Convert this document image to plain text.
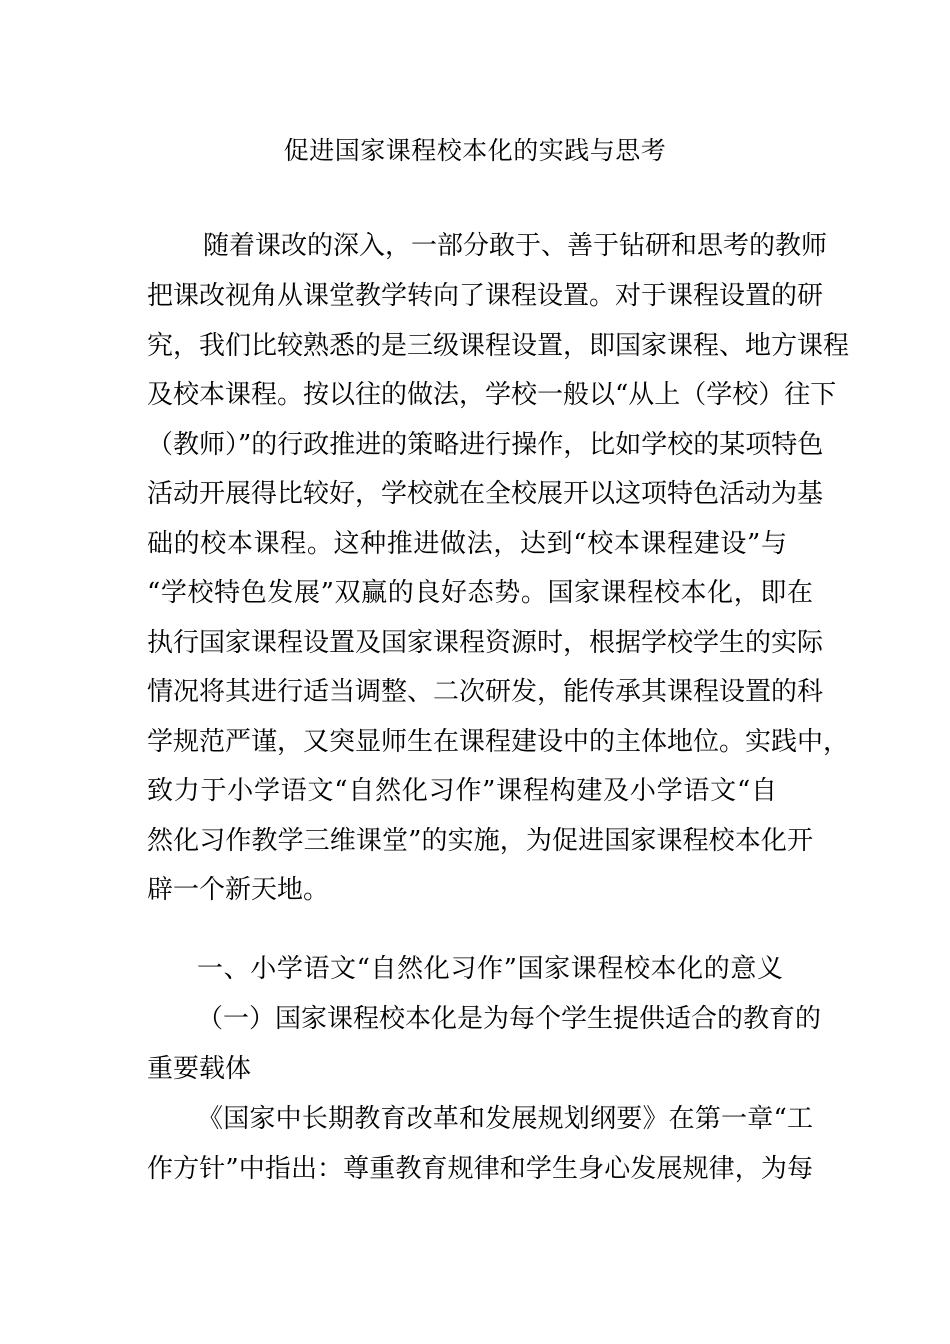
促进国家课程校本化的实践与思考
随着课改的深入，一部分敢于、善于钻研和思考的教师
把课改视角从课堂教学转向了课程设置。对于课程设置的研
究，我们比较熟悉的是三级课程设置，即国家课程、地方课程
及校本课程。按以往的做法，学校一般以“从上（学校）往下
（教师）”的行政推进的策略进行操作，比如学校的某项特色
活动开展得比较好，学校就在全校展开以这项特色活动为基
础的校本课程。这种推进做法，达到“校本课程建设”与
“学校特色发展”双赢的良好态势。国家课程校本化，即在
执行国家课程设置及国家课程资源时，根据学校学生的实际
情况将其进行适当调整、二次研发，能传承其课程设置的科
学规范严谨，又突显师生在课程建设中的主体地位。实践中，
致力于小学语文“自然化习作”课程构建及小学语文“自
然化习作教学三维课堂”的实施，为促进国家课程校本化开
辟一个新天地。
一、小学语文“自然化习作”国家课程校本化的意义
（一）国家课程校本化是为每个学生提供适合的教育的
重要载体
《国家中长期教育改革和发展规划纲要》在第一章“工
作方针”中指出：尊重教育规律和学生身心发展规律，为每
